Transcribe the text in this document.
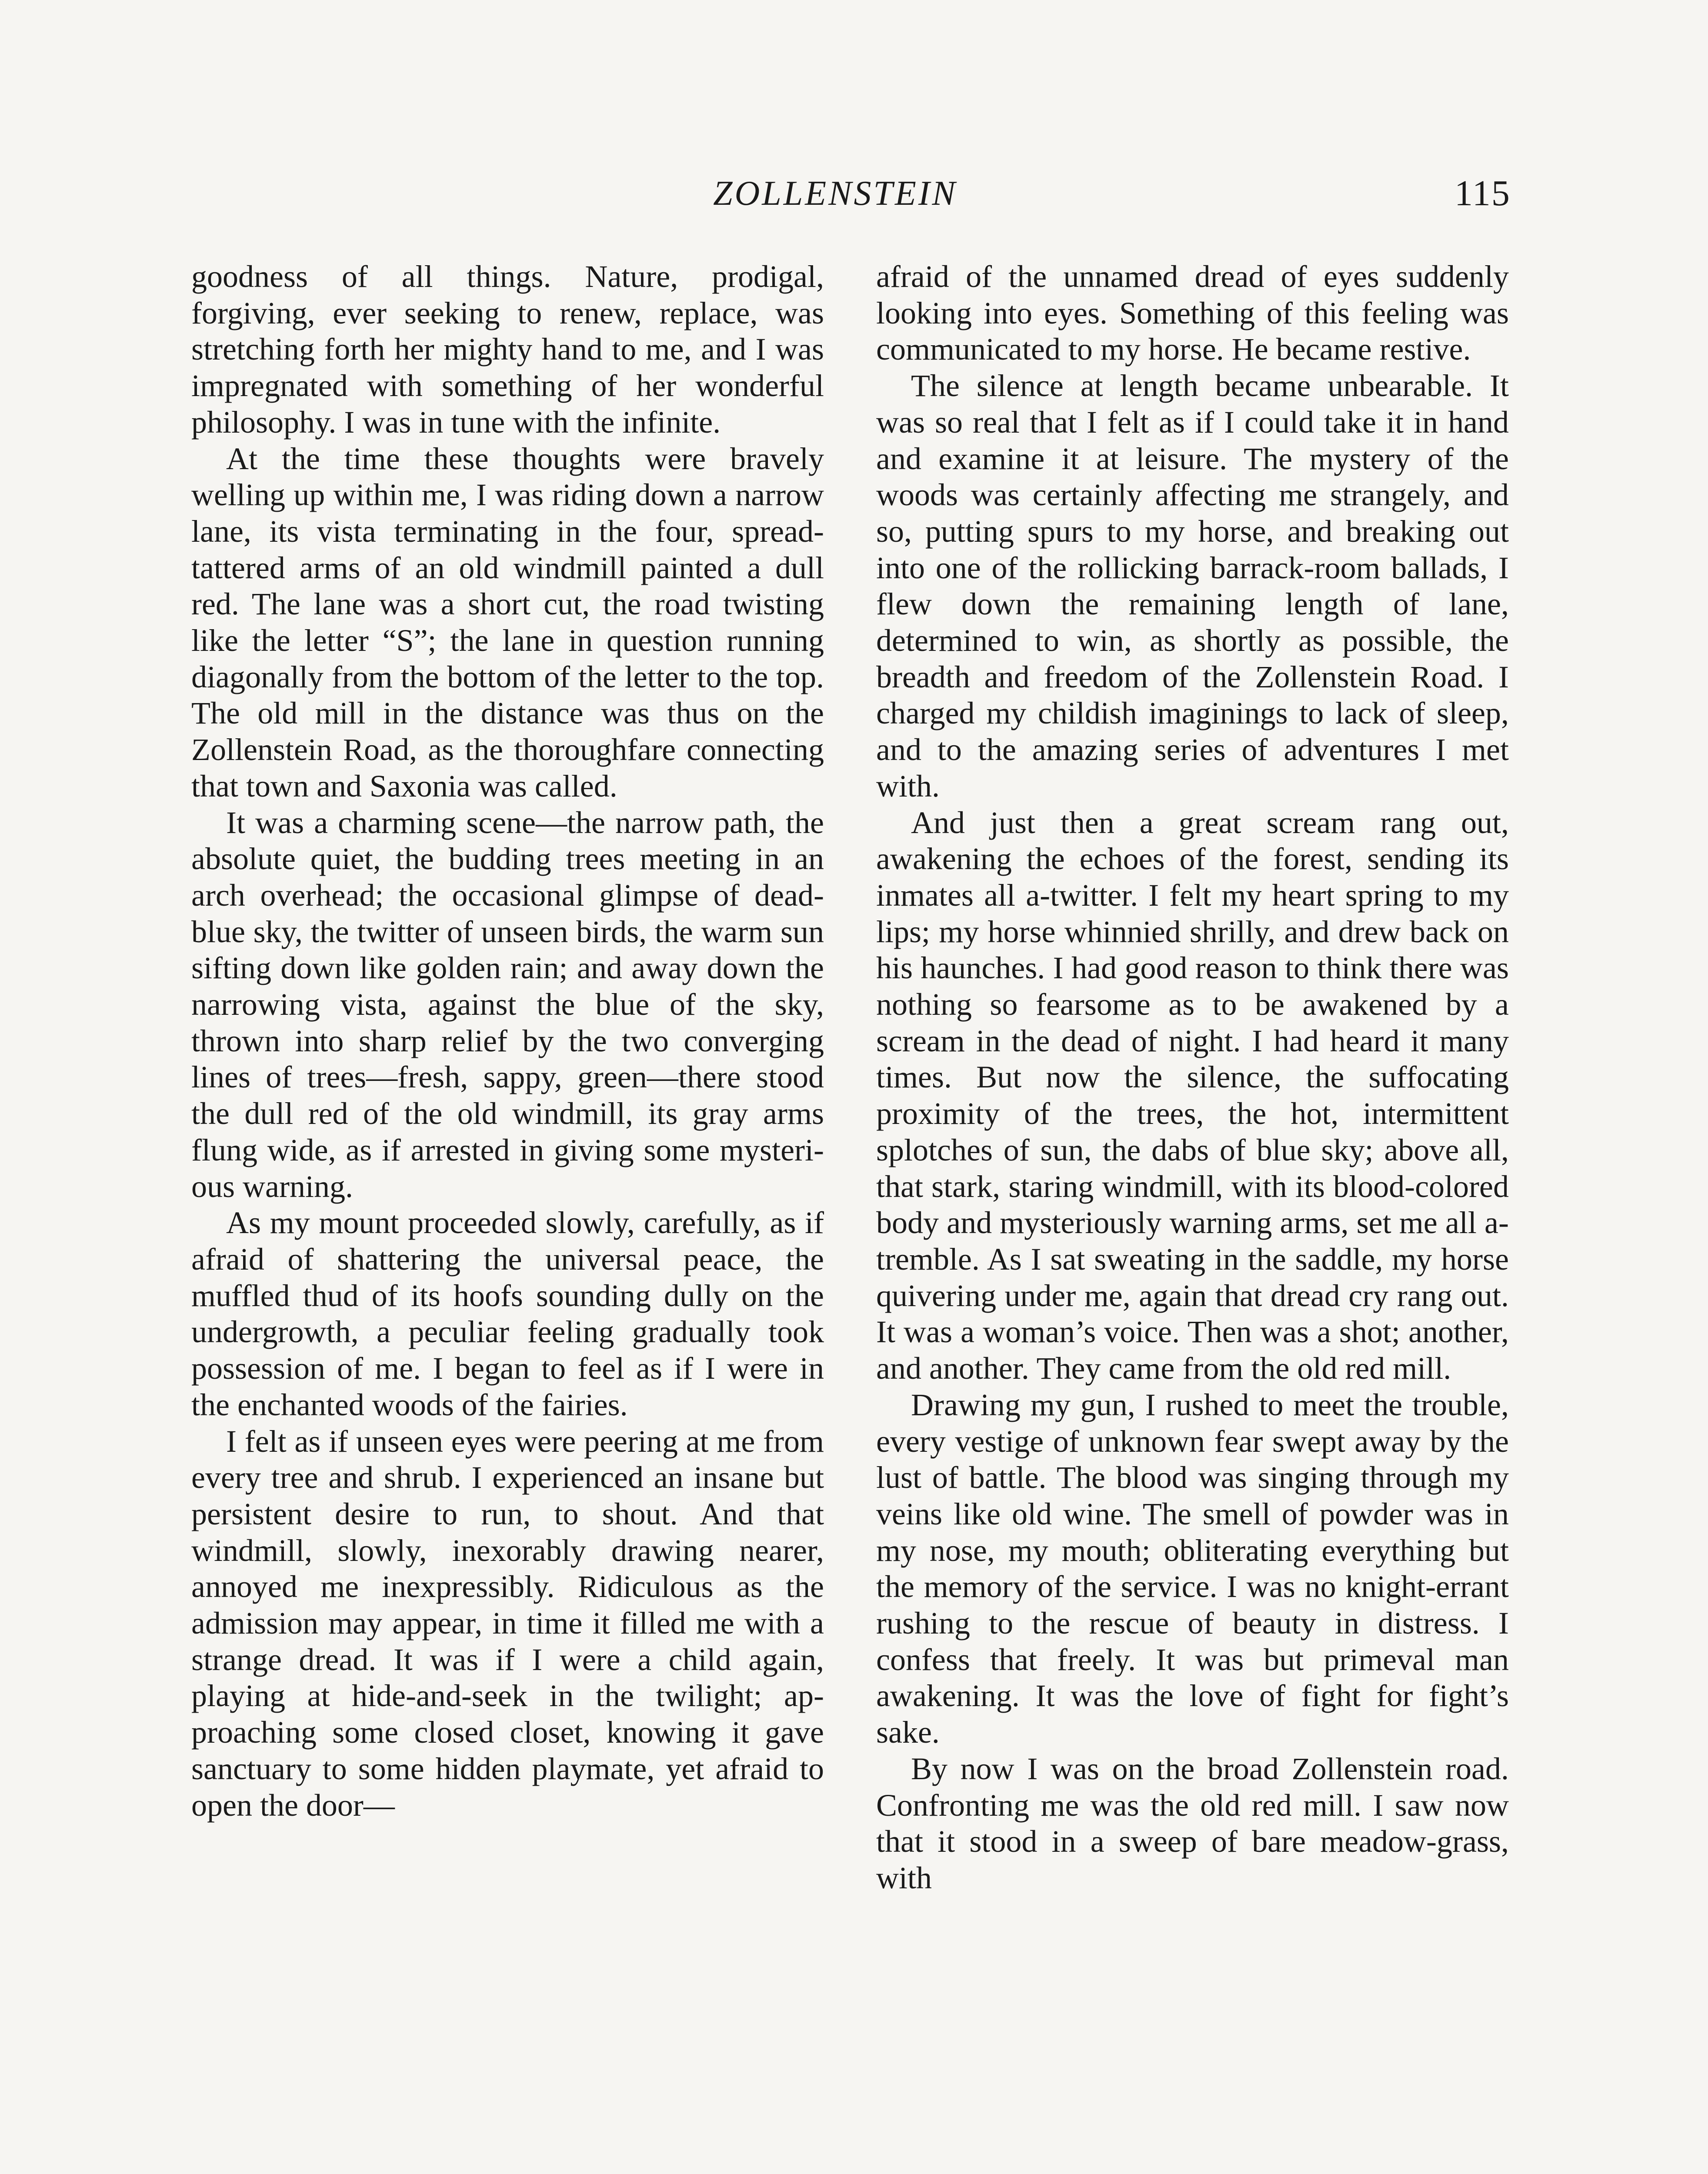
ZOLLENSTEIN	115

goodness of all things. Nature, prodigal, forgiving, ever seeking to renew, replace, was stretching forth her mighty hand to me, and I was impregnated with something of her wonderful philosophy. I was in tune with the infinite.

At the time these thoughts were bravely welling up within me, I was riding down a narrow lane, its vista terminating in the four, spread-tattered arms of an old windmill painted a dull red. The lane was a short cut, the road twisting like the letter “S”; the lane in question running diagonally from the bottom of the letter to the top. The old mill in the distance was thus on the Zollenstein Road, as the thoroughfare connecting that town and Saxonia was called.

It was a charming scene—the narrow path, the absolute quiet, the budding trees meeting in an arch overhead; the occasional glimpse of dead-blue sky, the twitter of unseen birds, the warm sun sifting down like golden rain; and away down the narrowing vista, against the blue of the sky, thrown into sharp relief by the two converging lines of trees—fresh, sappy, green—there stood the dull red of the old windmill, its gray arms flung wide, as if arrested in giving some mysterious warning.

As my mount proceeded slowly, carefully, as if afraid of shattering the universal peace, the muffled thud of its hoofs sounding dully on the undergrowth, a peculiar feeling gradually took possession of me. I began to feel as if I were in the enchanted woods of the fairies.

I felt as if unseen eyes were peering at me from every tree and shrub. I experienced an insane but persistent desire to run, to shout. And that windmill, slowly, inexorably drawing nearer, annoyed me inexpressibly. Ridiculous as the admission may appear, in time it filled me with a strange dread. It was if I were a child again, playing at hide-and-seek in the twilight; approaching some closed closet, knowing it gave sanctuary to some hidden playmate, yet afraid to open the door—

afraid of the unnamed dread of eyes suddenly looking into eyes. Something of this feeling was communicated to my horse. He became restive.

The silence at length became unbearable. It was so real that I felt as if I could take it in hand and examine it at leisure. The mystery of the woods was certainly affecting me strangely, and so, putting spurs to my horse, and breaking out into one of the rollicking barrack-room ballads, I flew down the remaining length of lane, determined to win, as shortly as possible, the breadth and freedom of the Zollenstein Road. I charged my childish imaginings to lack of sleep, and to the amazing series of adventures I met with.

And just then a great scream rang out, awakening the echoes of the forest, sending its inmates all a-twitter. I felt my heart spring to my lips; my horse whinnied shrilly, and drew back on his haunches. I had good reason to think there was nothing so fearsome as to be awakened by a scream in the dead of night. I had heard it many times. But now the silence, the suffocating proximity of the trees, the hot, intermittent splotches of sun, the dabs of blue sky; above all, that stark, staring windmill, with its blood-colored body and mysteriously warning arms, set me all a-tremble. As I sat sweating in the saddle, my horse quivering under me, again that dread cry rang out. It was a woman’s voice. Then was a shot; another, and another. They came from the old red mill.

Drawing my gun, I rushed to meet the trouble, every vestige of unknown fear swept away by the lust of battle. The blood was singing through my veins like old wine. The smell of powder was in my nose, my mouth; obliterating everything but the memory of the service. I was no knight-errant rushing to the rescue of beauty in distress. I confess that freely. It was but primeval man awakening. It was the love of fight for fight’s sake.

By now I was on the broad Zollenstein road. Confronting me was the old red mill. I saw now that it stood in a sweep of bare meadow-grass, with
